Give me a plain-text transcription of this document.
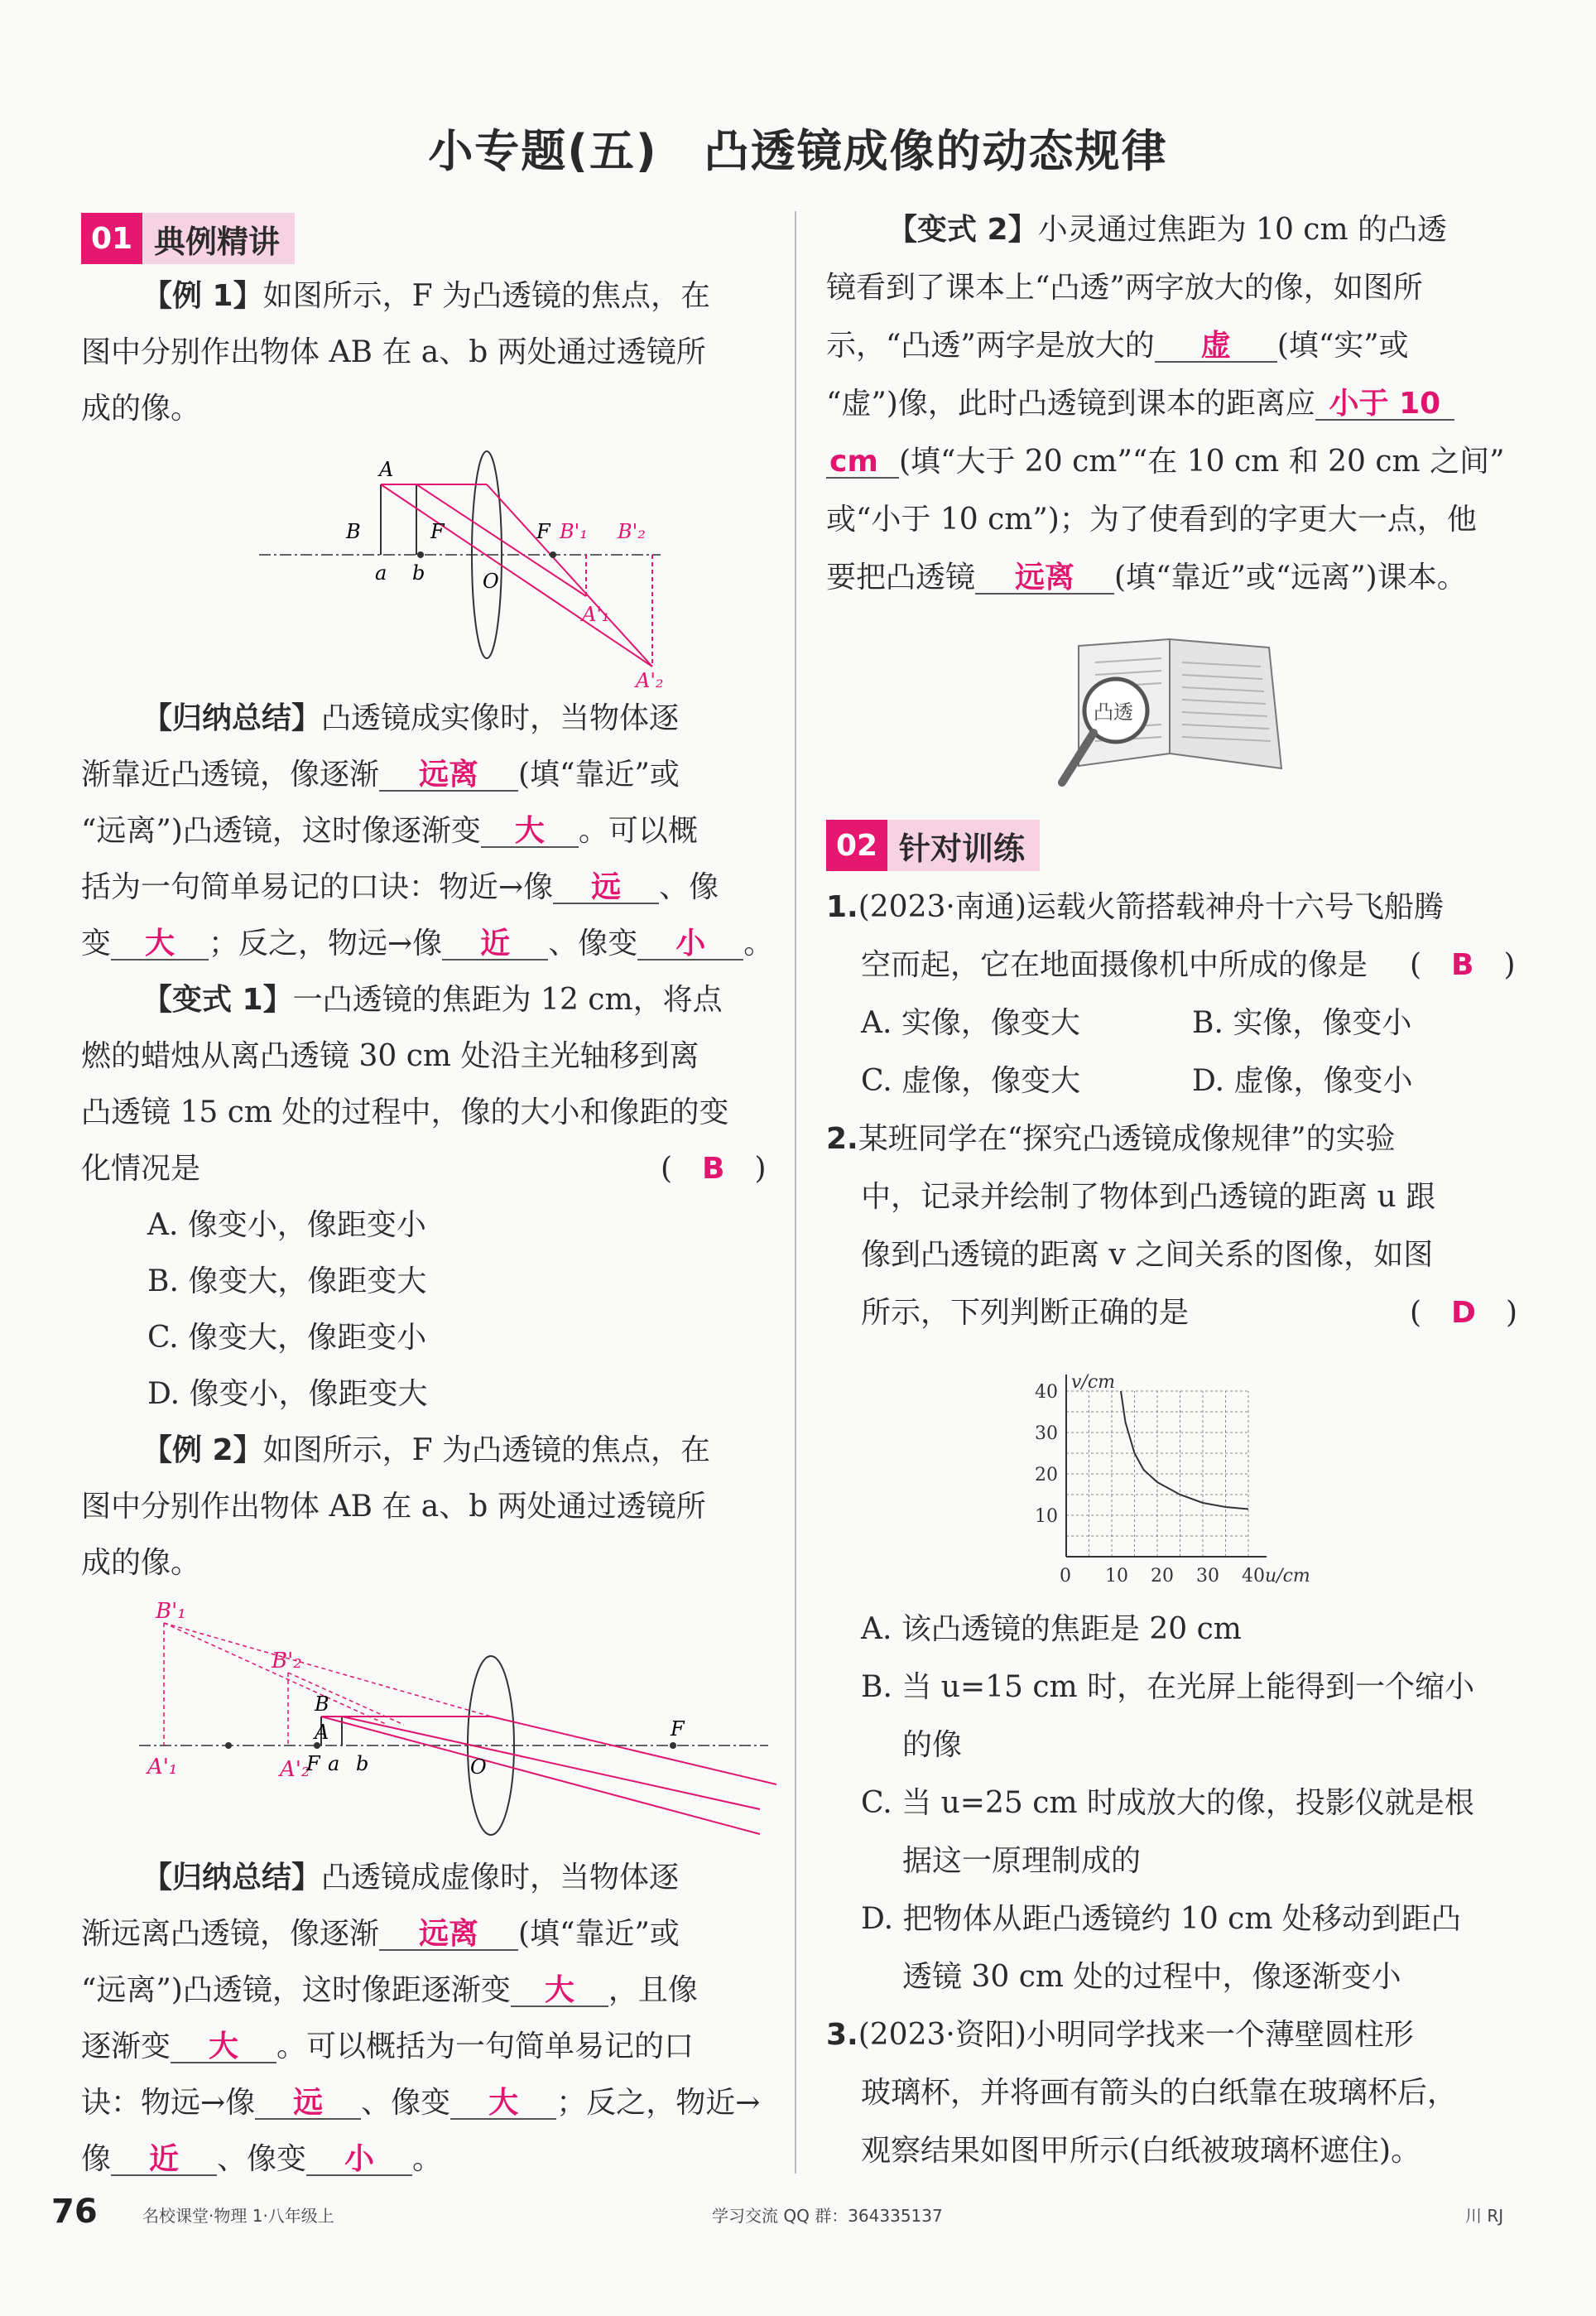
小专题(五)　凸透镜成像的动态规律
01 典例精讲
【例 1】如图所示，F 为凸透镜的焦点，在
图中分别作出物体 AB 在 a、b 两处通过透镜所
成的像。
A
B	F
a b	O
F B'₁ B'₂
A'₁
A'₂
【归纳总结】凸透镜成实像时，当物体逐
渐靠近凸透镜，像逐渐 远离 (填“靠近”或
“远离”)凸透镜，这时像逐渐变 大 。可以概
括为一句简单易记的口诀：物近→像 远 、像
变 大 ；反之，物远→像 近 、像变 小 。
【变式 1】一凸透镜的焦距为 12 cm，将点
燃的蜡烛从离凸透镜 30 cm 处沿主光轴移到离
凸透镜 15 cm 处的过程中，像的大小和像距的变
化情况是	(　B　)
A. 像变小，像距变小
B. 像变大，像距变大
C. 像变大，像距变小
D. 像变小，像距变大
【例 2】如图所示，F 为凸透镜的焦点，在
图中分别作出物体 AB 在 a、b 两处通过透镜所
成的像。
B'₁
B'₂
B
A
A'₁	A'₂
F a b	O
F
【归纳总结】凸透镜成虚像时，当物体逐
渐远离凸透镜，像逐渐 远离 (填“靠近”或
“远离”)凸透镜，这时像距逐渐变 大 ，且像
逐渐变 大 。可以概括为一句简单易记的口
诀：物远→像 远 、像变 大 ；反之，物近→
像 近 、像变 小 。
【变式 2】小灵通过焦距为 10 cm 的凸透
镜看到了课本上“凸透”两字放大的像，如图所
示，“凸透”两字是放大的 虚 (填“实”或
“虚”)像，此时凸透镜到课本的距离应 小于 10
cm (填“大于 20 cm”“在 10 cm 和 20 cm 之间”
或“小于 10 cm”)；为了使看到的字更大一点，他
要把凸透镜 远离 (填“靠近”或“远离”)课本。
凸透
02 针对训练
1.(2023·南通)运载火箭搭载神舟十六号飞船腾
空而起，它在地面摄像机中所成的像是 (　B　)
A. 实像，像变大	B. 实像，像变小
C. 虚像，像变大	D. 虚像，像变小
2.某班同学在“探究凸透镜成像规律”的实验
中，记录并绘制了物体到凸透镜的距离 u 跟
像到凸透镜的距离 v 之间关系的图像，如图
所示，下列判断正确的是	(　D　)
0 10 20 30 40
10
20
30
40
u/cm
v/cm
A. 该凸透镜的焦距是 20 cm
B. 当 u=15 cm 时，在光屏上能得到一个缩小
的像
C. 当 u=25 cm 时成放大的像，投影仪就是根
据这一原理制成的
D. 把物体从距凸透镜约 10 cm 处移动到距凸
透镜 30 cm 处的过程中，像逐渐变小
3.(2023·资阳)小明同学找来一个薄壁圆柱形
玻璃杯，并将画有箭头的白纸靠在玻璃杯后，
观察结果如图甲所示(白纸被玻璃杯遮住)。
76	名校课堂·物理 1·八年级上	学习交流 QQ 群：364335137	川 RJ
